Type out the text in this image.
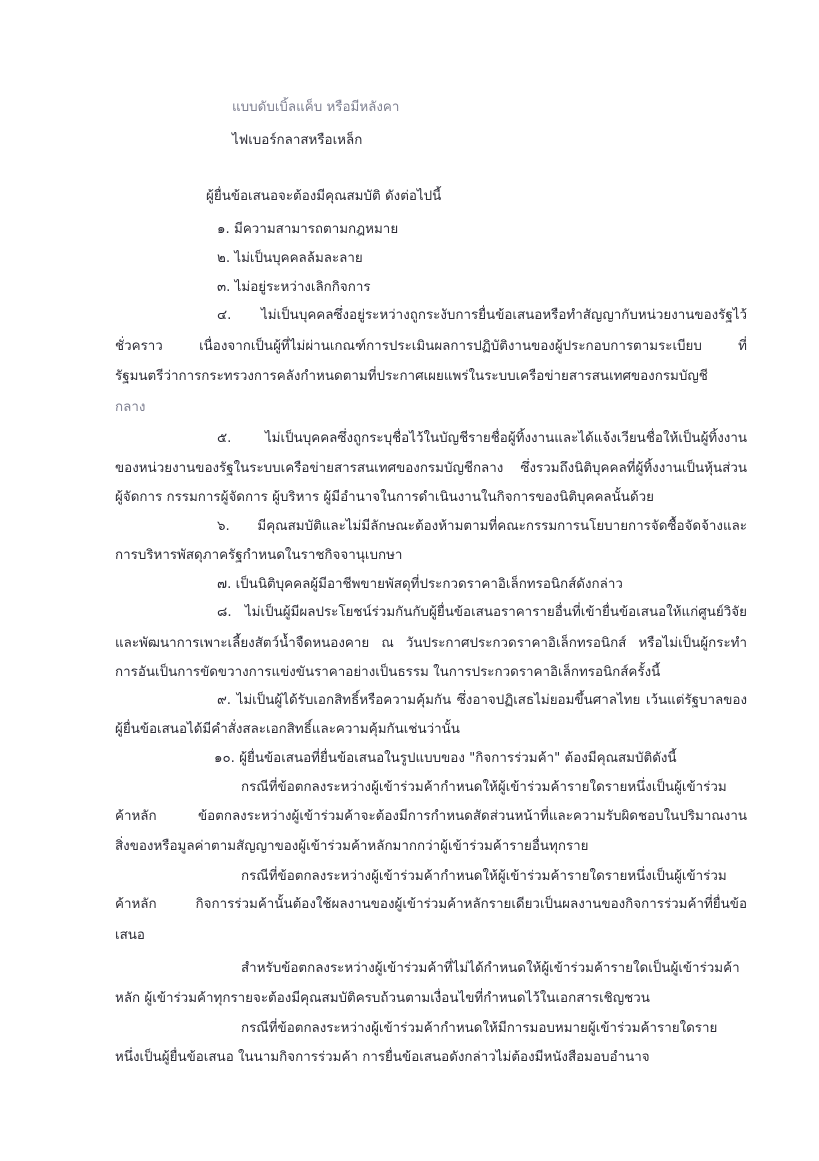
แบบดับเบิ้ลแค็บ หรือมีหลังคา

ไฟเบอร์กลาสหรือเหล็ก

ผู้ยื่นข้อเสนอจะต้องมีคุณสมบัติ ดังต่อไปนี้

๑. มีความสามารถตามกฎหมาย

๒. ไม่เป็นบุคคลล้มละลาย

๓. ไม่อยู่ระหว่างเลิกกิจการ

๔. ไม่เป็นบุคคลซึ่งอยู่ระหว่างถูกระงับการยื่นข้อเสนอหรือทำสัญญากับหน่วยงานของรัฐไว้

ชั่วคราว เนื่องจากเป็นผู้ที่ไม่ผ่านเกณฑ์การประเมินผลการปฏิบัติงานของผู้ประกอบการตามระเบียบ ที่

รัฐมนตรีว่าการกระทรวงการคลังกำหนดตามที่ประกาศเผยแพร่ในระบบเครือข่ายสารสนเทศของกรมบัญชี

กลาง

๕. ไม่เป็นบุคคลซึ่งถูกระบุชื่อไว้ในบัญชีรายชื่อผู้ทิ้งงานและได้แจ้งเวียนชื่อให้เป็นผู้ทิ้งงาน

ของหน่วยงานของรัฐในระบบเครือข่ายสารสนเทศของกรมบัญชีกลาง ซึ่งรวมถึงนิติบุคคลที่ผู้ทิ้งงานเป็นหุ้นส่วน

ผู้จัดการ กรรมการผู้จัดการ ผู้บริหาร ผู้มีอำนาจในการดำเนินงานในกิจการของนิติบุคคลนั้นด้วย

๖. มีคุณสมบัติและไม่มีลักษณะต้องห้ามตามที่คณะกรรมการนโยบายการจัดซื้อจัดจ้างและ

การบริหารพัสดุภาครัฐกำหนดในราชกิจจานุเบกษา

๗. เป็นนิติบุคคลผู้มีอาชีพขายพัสดุที่ประกวดราคาอิเล็กทรอนิกส์ดังกล่าว

๘. ไม่เป็นผู้มีผลประโยชน์ร่วมกันกับผู้ยื่นข้อเสนอราคารายอื่นที่เข้ายื่นข้อเสนอให้แก่ศูนย์วิจัย

และพัฒนาการเพาะเลี้ยงสัตว์น้ำจืดหนองคาย ณ วันประกาศประกวดราคาอิเล็กทรอนิกส์ หรือไม่เป็นผู้กระทำ

การอันเป็นการขัดขวางการแข่งขันราคาอย่างเป็นธรรม ในการประกวดราคาอิเล็กทรอนิกส์ครั้งนี้

๙. ไม่เป็นผู้ได้รับเอกสิทธิ์หรือความคุ้มกัน ซึ่งอาจปฏิเสธไม่ยอมขึ้นศาลไทย เว้นแต่รัฐบาลของ

ผู้ยื่นข้อเสนอได้มีคำสั่งสละเอกสิทธิ์และความคุ้มกันเช่นว่านั้น

๑๐. ผู้ยื่นข้อเสนอที่ยื่นข้อเสนอในรูปแบบของ "กิจการร่วมค้า" ต้องมีคุณสมบัติดังนี้

กรณีที่ข้อตกลงระหว่างผู้เข้าร่วมค้ากำหนดให้ผู้เข้าร่วมค้ารายใดรายหนึ่งเป็นผู้เข้าร่วม

ค้าหลัก ข้อตกลงระหว่างผู้เข้าร่วมค้าจะต้องมีการกำหนดสัดส่วนหน้าที่และความรับผิดชอบในปริมาณงาน

สิ่งของหรือมูลค่าตามสัญญาของผู้เข้าร่วมค้าหลักมากกว่าผู้เข้าร่วมค้ารายอื่นทุกราย

กรณีที่ข้อตกลงระหว่างผู้เข้าร่วมค้ากำหนดให้ผู้เข้าร่วมค้ารายใดรายหนึ่งเป็นผู้เข้าร่วม

ค้าหลัก กิจการร่วมค้านั้นต้องใช้ผลงานของผู้เข้าร่วมค้าหลักรายเดียวเป็นผลงานของกิจการร่วมค้าที่ยื่นข้อ

เสนอ

สำหรับข้อตกลงระหว่างผู้เข้าร่วมค้าที่ไม่ได้กำหนดให้ผู้เข้าร่วมค้ารายใดเป็นผู้เข้าร่วมค้า

หลัก ผู้เข้าร่วมค้าทุกรายจะต้องมีคุณสมบัติครบถ้วนตามเงื่อนไขที่กำหนดไว้ในเอกสารเชิญชวน

กรณีที่ข้อตกลงระหว่างผู้เข้าร่วมค้ากำหนดให้มีการมอบหมายผู้เข้าร่วมค้ารายใดราย

หนึ่งเป็นผู้ยื่นข้อเสนอ ในนามกิจการร่วมค้า การยื่นข้อเสนอดังกล่าวไม่ต้องมีหนังสือมอบอำนาจ
